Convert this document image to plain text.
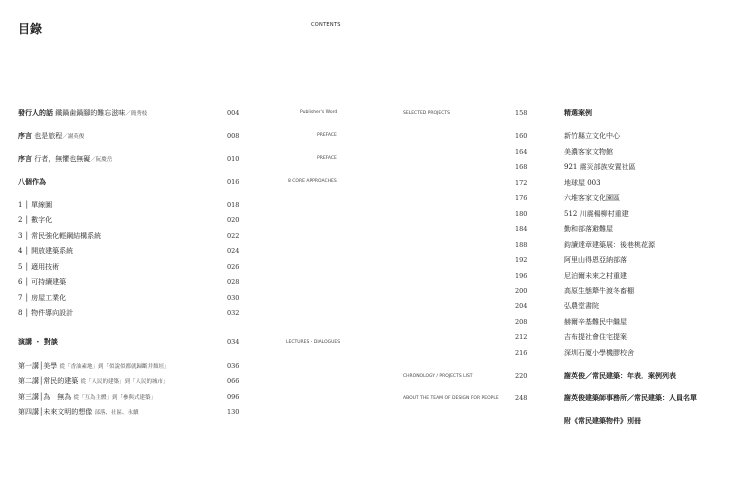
目錄	CONTENTS
發行人的話 鐵鍋歯鍋腳的難忘滋味／簡秀枝	004	Publisher's Word
序言 也是旅程／謝英俊	008	PREFACE
序言 行者，無懼也無礙／阮慶岳	010	PREFACE
八個作為	016	8 CORE APPROACHES
1 │ 單線圖	018
2 │ 數字化	020
3 │ 常民強化輕鋼結構系統	022
4 │ 開放建築系統	024
5 │ 適用技術	026
6 │ 可持續建築	028
7 │ 房屋工業化	030
8 │ 物件導向設計	032
演講 ・ 對談	034	LECTURES・DIALOGUES
第一講│美學 從「香油素地」到「似說似都就歸斷井頹垣」	036
第二講│常民的建築 從「人民的建築」到「人民的城市」	066
第三講│為　無為 從「互為主體」到「參與式建築」	096
第四講│未來文明的想像 部落、社區、永續	130
SELECTED PROJECTS	158	精選案例
160	新竹縣立文化中心
164	美濃客家文物館
168	921 震災部族安置社區
172	地球屋 003
176	六堆客家文化園區
180	512 川震楊柳村重建
184	勤和部落避難屋
188	鈞讀達章建築展：後巷桃花源
192	阿里山得恩亞納部落
196	尼泊爾未來之村重建
200	高原生態犛牛渡冬畜棚
204	弘農堂書院
208	赫爾辛基難民中繼屋
212	吉布提社會住宅提案
216	深圳石厦小學機膠校舍
CHRONOLOGY / PROJECTS LIST	220	謝英俊／常民建築：年表．案例列表
ABOUT THE TEAM OF DESIGN FOR PEOPLE	248	謝英俊建築師事務所／常民建築：人員名單
附《常民建築物件》別冊
